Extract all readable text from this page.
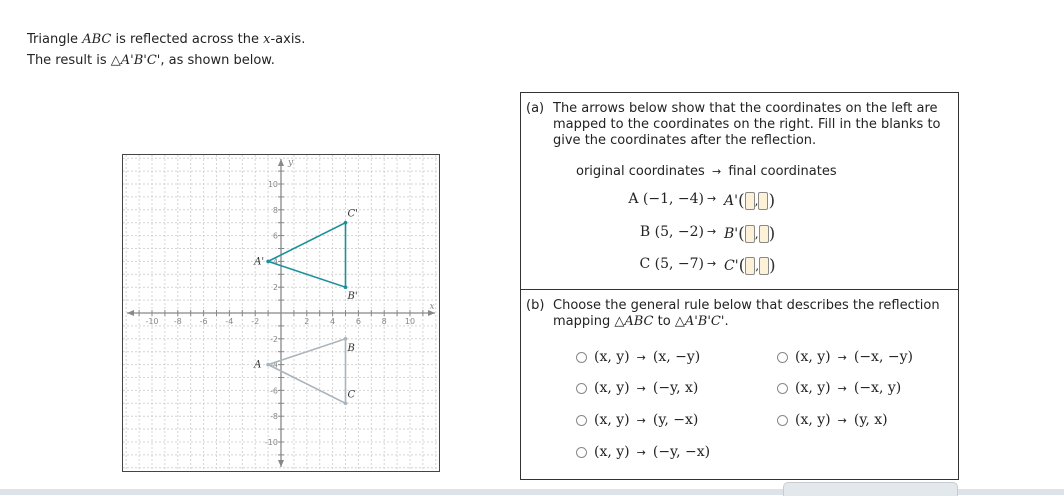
Triangle ABC is reflected across the x-axis.
The result is △A'B'C', as shown below.
-10 -8 -6 -4 -2	2	4	6	8 10
10
8
6
4
2
-2
-4
-6
-8
-10
x
y
A
B
C
A'
B'
C'
(a) The arrows below show that the coordinates on the left are mapped to the coordinates on the right. Fill in the blanks to give the coordinates after the reflection.
original coordinates → final coordinates
A (−1, −4) → A' ( , )
B (5, −2) → B' ( , )
C (5, −7) → C' ( , )
(b) Choose the general rule below that describes the reflection mapping △ABC to △A'B'C'.
(x, y) → (x, −y)	(x, y) → (−x, −y)
(x, y) → (−y, x)	(x, y) → (−x, y)
(x, y) → (y, −x)	(x, y) → (y, x)
(x, y) → (−y, −x)
